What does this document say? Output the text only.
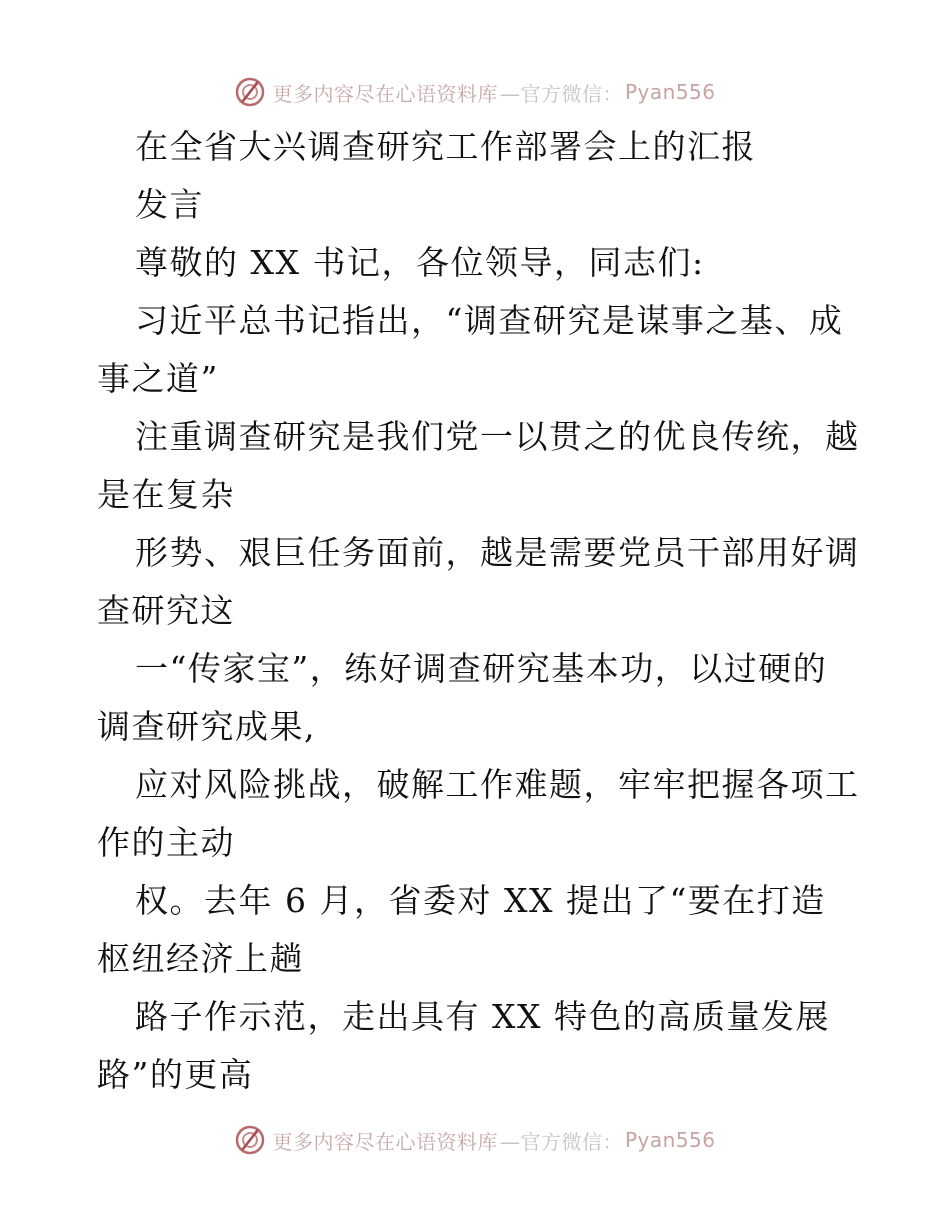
更多内容尽在心语资料库 —官方微信： Pyan556
在全省大兴调查研究工作部署会上的汇报
发言
尊敬的 XX 书记，各位领导，同志们:
习近平总书记指出，“调查研究是谋事之基、成
事之道”
注重调查研究是我们党一以贯之的优良传统，越
是在复杂
形势、艰巨任务面前，越是需要党员干部用好调
查研究这
一“传家宝”，练好调查研究基本功，以过硬的
调查研究成果,
应对风险挑战，破解工作难题，牢牢把握各项工
作的主动
权。去年 6 月，省委对 XX 提出了“要在打造
枢纽经济上趟
路子作示范，走出具有 XX 特色的高质量发展
路”的更高
更多内容尽在心语资料库 —官方微信： Pyan556
